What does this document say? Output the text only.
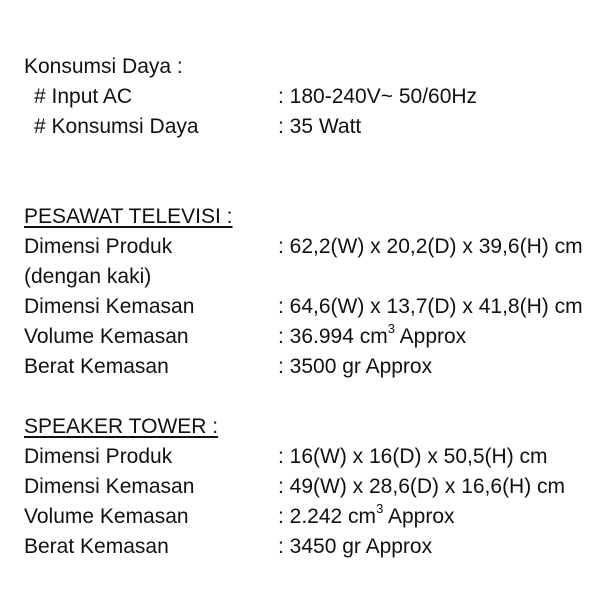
Konsumsi Daya :
# Input AC	: 180-240V~ 50/60Hz
# Konsumsi Daya	: 35 Watt
PESAWAT TELEVISI :
Dimensi Produk	: 62,2(W) x 20,2(D) x 39,6(H) cm
(dengan kaki)
Dimensi Kemasan	: 64,6(W) x 13,7(D) x 41,8(H) cm
Volume Kemasan	: 36.994 $cm^3$ Approx
Berat Kemasan	: 3500 gr Approx
SPEAKER TOWER :
Dimensi Produk	: 16(W) x 16(D) x 50,5(H) cm
Dimensi Kemasan	: 49(W) x 28,6(D) x 16,6(H) cm
Volume Kemasan	: 2.242 $cm^3$ Approx
Berat Kemasan	: 3450 gr Approx
